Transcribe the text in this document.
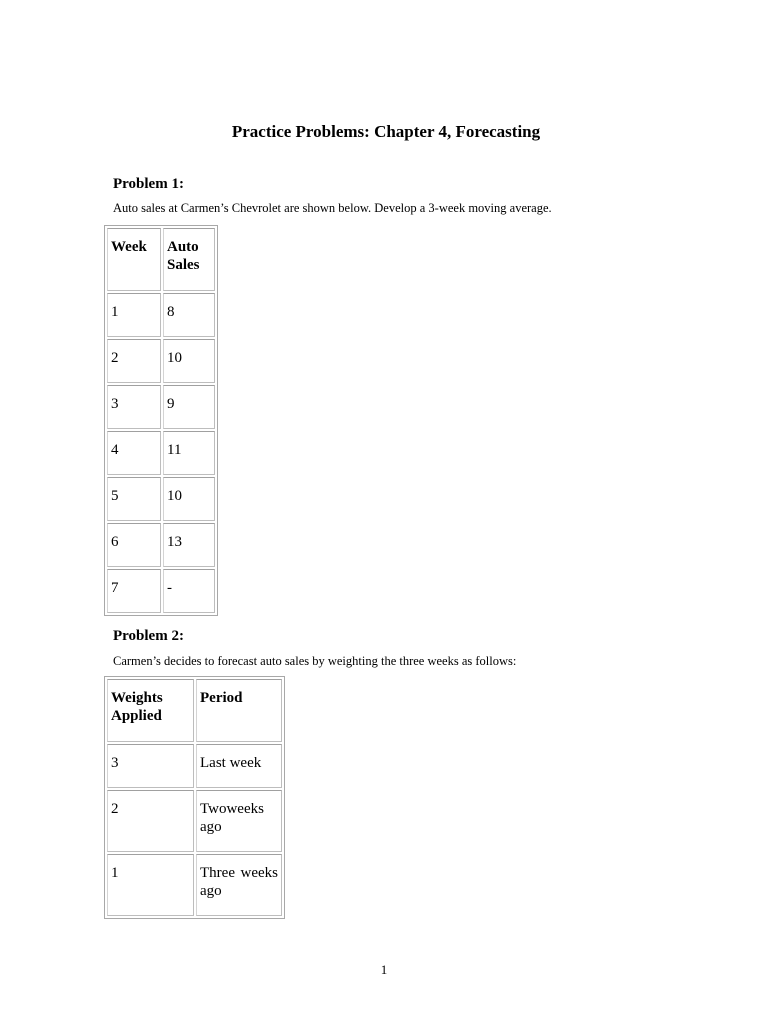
Practice Problems: Chapter 4, Forecasting
Problem 1:

Auto sales at Carmen’s Chevrolet are shown below. Develop a 3-week moving average.

Week	Auto Sales
1	8
2	10
3	9
4	11
5	10
6	13
7	-
Problem 2:

Carmen’s decides to forecast auto sales by weighting the three weeks as follows:

Weights Applied	Period
3	Last week
2	Twoweeks ago
1	Three weeks ago

1
